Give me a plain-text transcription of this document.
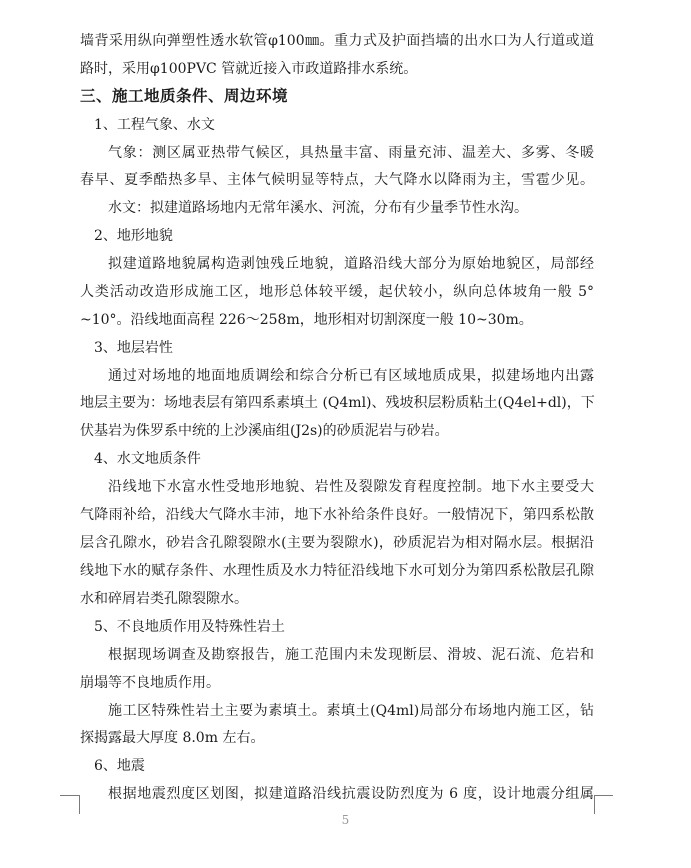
墙背采用纵向弹塑性透水软管φ100㎜。重力式及护面挡墙的出水口为人行道或道
路时，采用φ100PVC 管就近接入市政道路排水系统。
三、施工地质条件、周边环境
1、工程气象、水文
气象：测区属亚热带气候区，具热量丰富、雨量充沛、温差大、多雾、冬暖
春早、夏季酷热多旱、主体气候明显等特点，大气降水以降雨为主，雪雹少见。
水文：拟建道路场地内无常年溪水、河流，分布有少量季节性水沟。
2、地形地貌
拟建道路地貌属构造剥蚀残丘地貌，道路沿线大部分为原始地貌区，局部经
人类活动改造形成施工区，地形总体较平缓，起伏较小，纵向总体坡角一般 5°
~10°。沿线地面高程 226～258m，地形相对切割深度一般 10~30m。
3、地层岩性
通过对场地的地面地质调绘和综合分析已有区域地质成果，拟建场地内出露
地层主要为：场地表层有第四系素填土 (Q4ml)、残坡积层粉质粘土(Q4el+dl)，下
伏基岩为侏罗系中统的上沙溪庙组(J2s)的砂质泥岩与砂岩。
4、水文地质条件
沿线地下水富水性受地形地貌、岩性及裂隙发育程度控制。地下水主要受大
气降雨补给，沿线大气降水丰沛，地下水补给条件良好。一般情况下，第四系松散
层含孔隙水，砂岩含孔隙裂隙水(主要为裂隙水)，砂质泥岩为相对隔水层。根据沿
线地下水的赋存条件、水理性质及水力特征沿线地下水可划分为第四系松散层孔隙
水和碎屑岩类孔隙裂隙水。
5、不良地质作用及特殊性岩土
根据现场调查及勘察报告，施工范围内未发现断层、滑坡、泥石流、危岩和
崩塌等不良地质作用。
施工区特殊性岩土主要为素填土。素填土(Q4ml)局部分布场地内施工区，钻
探揭露最大厚度 8.0m 左右。
6、地震
根据地震烈度区划图，拟建道路沿线抗震设防烈度为 6 度，设计地震分组属
5
